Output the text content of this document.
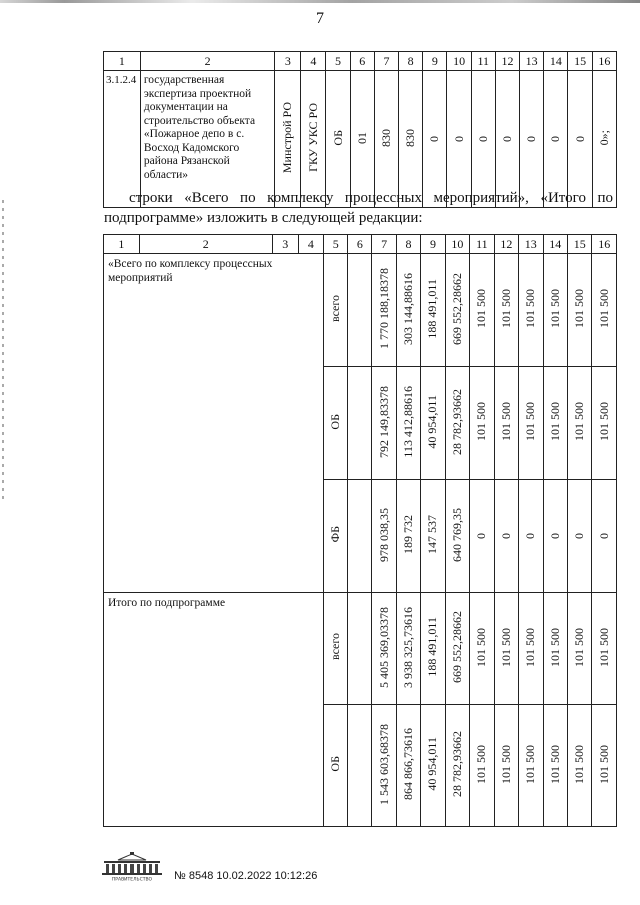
7
1	2	3	4	5	6	7	8	9	10	11	12	13	14	15	16
3.1.2.4	государственная экспертиза проектной документации на строительство объекта «Пожарное депо в с. Восход Кадомского района Рязанской области»	Минстрой РО	ГКУ УКС РО	ОБ	01	830	830	0	0	0	0	0	0	0	0»;
строки «Всего по комплексу процессных мероприятий», «Итого по подпрограмме» изложить в следующей редакции:
1	2	3	4	5	6	7	8	9	10	11	12	13	14	15	16
«Всего по комплексу процессных мероприятий				всего		1 770 188,18378	303 144,88616	188 491,011	669 552,28662	101 500	101 500	101 500	101 500	101 500	101 500
				ОБ		792 149,83378	113 412,88616	40 954,011	28 782,93662	101 500	101 500	101 500	101 500	101 500	101 500
				ФБ		978 038,35	189 732	147 537	640 769,35	0	0	0	0	0	0
Итого по подпрограмме				всего		5 405 369,03378	3 938 325,73616	188 491,011	669 552,28662	101 500	101 500	101 500	101 500	101 500	101 500
				ОБ		1 543 603,68378	864 866,73616	40 954,011	28 782,93662	101 500	101 500	101 500	101 500	101 500	101 500
ПРАВИТЕЛЬСТВО № 8548 10.02.2022 10:12:26
